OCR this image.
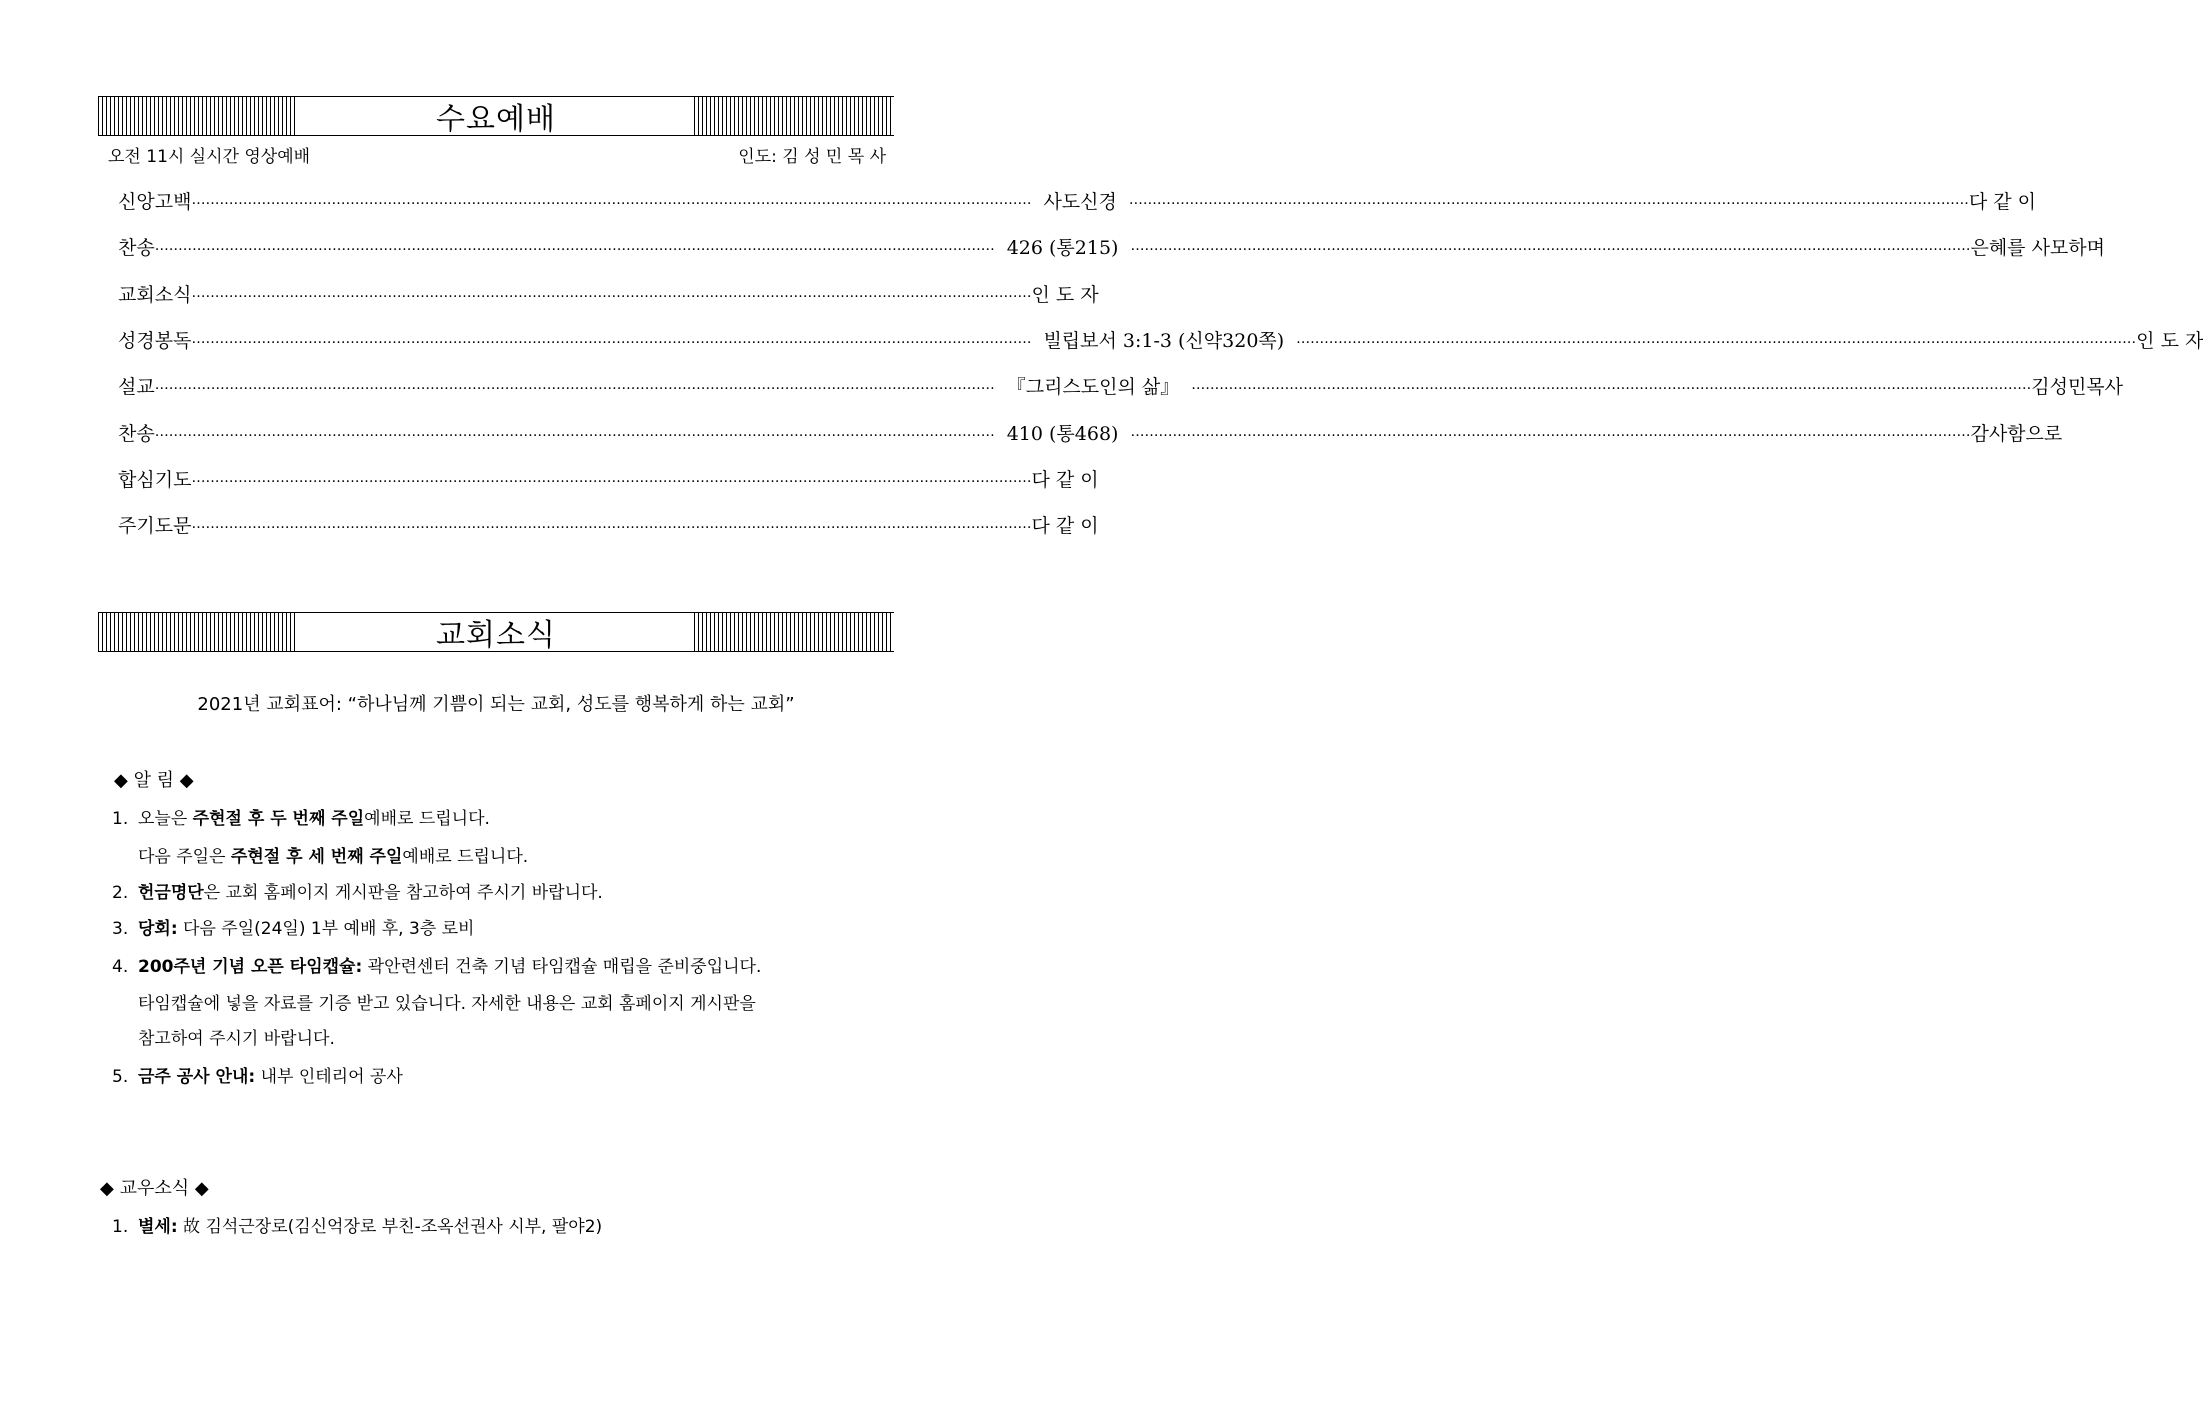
수요예배
오전 11시 실시간 영상예배	인도: 김 성 민 목 사
신 앙 고 백 ……………………………………………………………………………………………………………………………………………………………… 사도신경 ……………………………………………………………………………………………………………………………………………………………… 다 같 이
찬 송 ……………………………………………………………………………………………………………………………………………………………… 426 (통215) ……………………………………………………………………………………………………………………………………………………………… 은혜를 사모하며
교 회 소 식 ……………………………………………………………………………………………………………………………………………………………… 인 도 자
성 경 봉 독 ……………………………………………………………………………………………………………………………………………………………… 빌립보서 3:1-3 (신약320쪽) ……………………………………………………………………………………………………………………………………………………………… 인 도 자
설 교 ……………………………………………………………………………………………………………………………………………………………… 『그리스도인의 삶』 ……………………………………………………………………………………………………………………………………………………………… 김성민목사
찬 송 ……………………………………………………………………………………………………………………………………………………………… 410 (통468) ……………………………………………………………………………………………………………………………………………………………… 감사함으로
합 심 기 도 ……………………………………………………………………………………………………………………………………………………………… 다 같 이
주 기 도 문 ……………………………………………………………………………………………………………………………………………………………… 다 같 이
교회소식
2021년 교회표어: “하나님께 기쁨이 되는 교회, 성도를 행복하게 하는 교회”
◆ 알 림 ◆
1. 오늘은 주현절 후 두 번째 주일예배로 드립니다.
다음 주일은 주현절 후 세 번째 주일예배로 드립니다.
2. 헌금명단은 교회 홈페이지 게시판을 참고하여 주시기 바랍니다.
3. 당회: 다음 주일(24일) 1부 예배 후, 3층 로비
4. 200주년 기념 오픈 타임캡슐: 곽안련센터 건축 기념 타임캡슐 매립을 준비중입니다.
타임캡슐에 넣을 자료를 기증 받고 있습니다. 자세한 내용은 교회 홈페이지 게시판을
참고하여 주시기 바랍니다.
5. 금주 공사 안내: 내부 인테리어 공사
◆ 교우소식 ◆
1. 별세: 故 김석근장로(김신억장로 부친-조옥선권사 시부, 팔야2)
